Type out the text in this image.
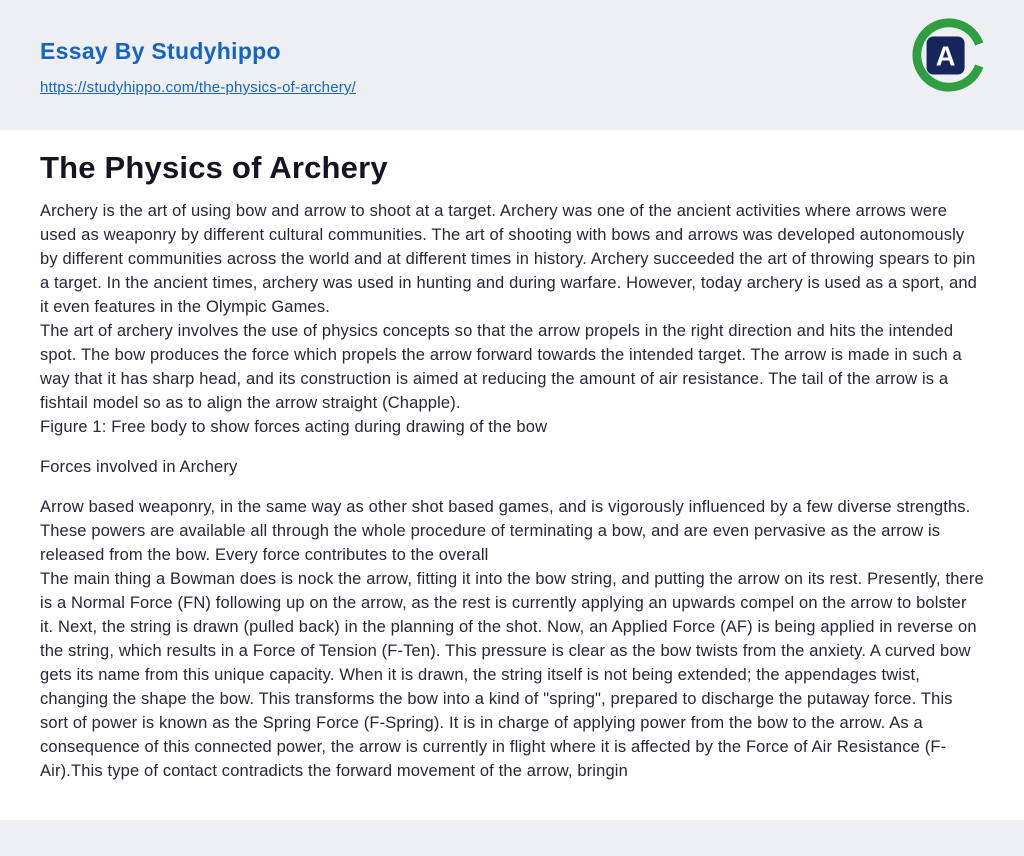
Essay By Studyhippo
https://studyhippo.com/the-physics-of-archery/
A
The Physics of Archery

Archery is the art of using bow and arrow to shoot at a target. Archery was one of the ancient activities where arrows were used as weaponry by different cultural communities. The art of shooting with bows and arrows was developed autonomously by different communities across the world and at different times in history. Archery succeeded the art of throwing spears to pin a target. In the ancient times, archery was used in hunting and during warfare. However, today archery is used as a sport, and it even features in the Olympic Games.

The art of archery involves the use of physics concepts so that the arrow propels in the right direction and hits the intended spot. The bow produces the force which propels the arrow forward towards the intended target. The arrow is made in such a way that it has sharp head, and its construction is aimed at reducing the amount of air resistance. The tail of the arrow is a fishtail model so as to align the arrow straight (Chapple).

Figure 1: Free body to show forces acting during drawing of the bow

Forces involved in Archery

Arrow based weaponry, in the same way as other shot based games, and is vigorously influenced by a few diverse strengths. These powers are available all through the whole procedure of terminating a bow, and are even pervasive as the arrow is released from the bow. Every force contributes to the overall

The main thing a Bowman does is nock the arrow, fitting it into the bow string, and putting the arrow on its rest. Presently, there is a Normal Force (FN) following up on the arrow, as the rest is currently applying an upwards compel on the arrow to bolster it. Next, the string is drawn (pulled back) in the planning of the shot. Now, an Applied Force (AF) is being applied in reverse on the string, which results in a Force of Tension (F-Ten). This pressure is clear as the bow twists from the anxiety. A curved bow gets its name from this unique capacity. When it is drawn, the string itself is not being extended; the appendages twist, changing the shape the bow. This transforms the bow into a kind of "spring", prepared to discharge the putaway force. This sort of power is known as the Spring Force (F-Spring). It is in charge of applying power from the bow to the arrow. As a consequence of this connected power, the arrow is currently in flight where it is affected by the Force of Air Resistance (F-Air).This type of contact contradicts the forward movement of the arrow, bringin
